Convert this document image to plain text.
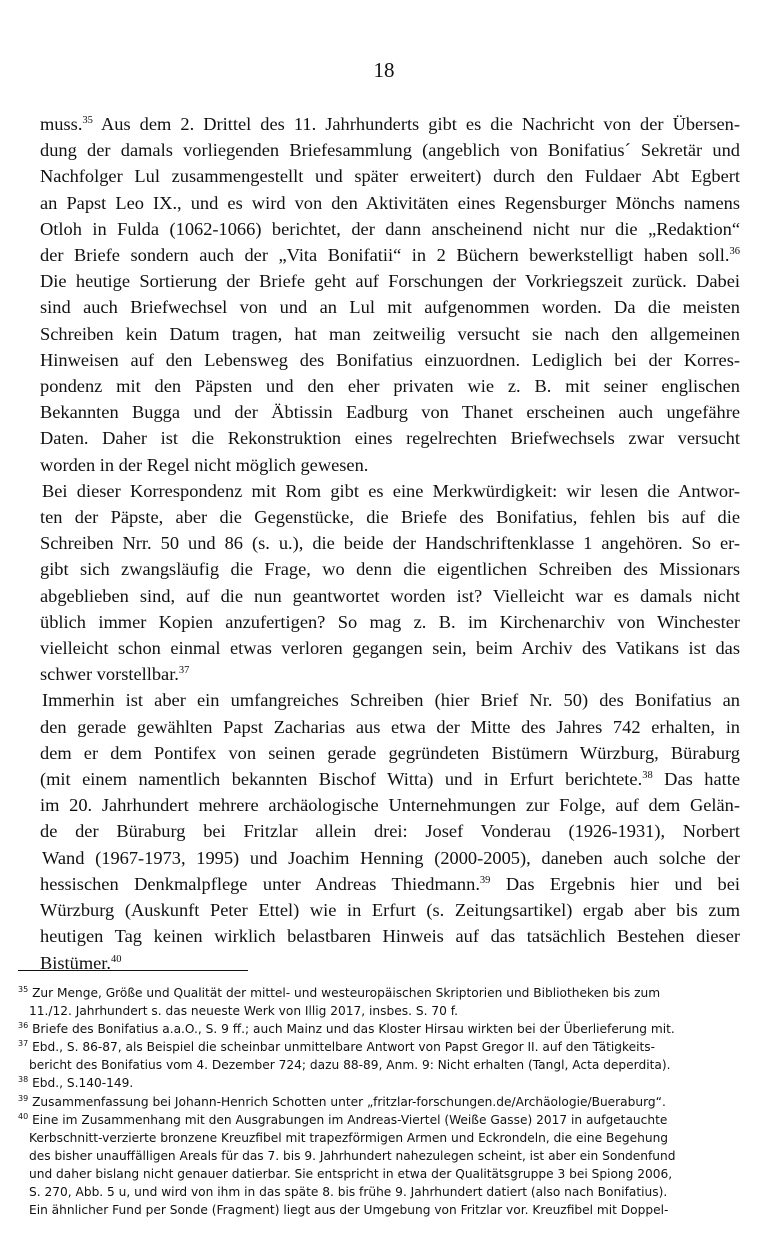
18
muss.$^{35}$ Aus dem 2. Drittel des 11. Jahrhunderts gibt es die Nachricht von der Übersen-
dung der damals vorliegenden Briefesammlung (angeblich von Bonifatius´ Sekretär und
Nachfolger Lul zusammengestellt und später erweitert) durch den Fuldaer Abt Egbert
an Papst Leo IX., und es wird von den Aktivitäten eines Regensburger Mönchs namens
Otloh in Fulda (1062-1066) berichtet, der dann anscheinend nicht nur die „Redaktion“
der Briefe sondern auch der „Vita Bonifatii“ in 2 Büchern bewerkstelligt haben soll.$^{36}$
Die heutige Sortierung der Briefe geht auf Forschungen der Vorkriegszeit zurück. Dabei
sind auch Briefwechsel von und an Lul mit aufgenommen worden. Da die meisten
Schreiben kein Datum tragen, hat man zeitweilig versucht sie nach den allgemeinen
Hinweisen auf den Lebensweg des Bonifatius einzuordnen. Lediglich bei der Korres-
pondenz mit den Päpsten und den eher privaten wie z. B. mit seiner englischen
Bekannten Bugga und der Äbtissin Eadburg von Thanet erscheinen auch ungefähre
Daten. Daher ist die Rekonstruktion eines regelrechten Briefwechsels zwar versucht
worden in der Regel nicht möglich gewesen.
Bei dieser Korrespondenz mit Rom gibt es eine Merkwürdigkeit: wir lesen die Antwor-
ten der Päpste, aber die Gegenstücke, die Briefe des Bonifatius, fehlen bis auf die
Schreiben Nrr. 50 und 86 (s. u.), die beide der Handschriftenklasse 1 angehören. So er-
gibt sich zwangsläufig die Frage, wo denn die eigentlichen Schreiben des Missionars
abgeblieben sind, auf die nun geantwortet worden ist? Vielleicht war es damals nicht
üblich immer Kopien anzufertigen? So mag z. B. im Kirchenarchiv von Winchester
vielleicht schon einmal etwas verloren gegangen sein, beim Archiv des Vatikans ist das
schwer vorstellbar.$^{37}$
Immerhin ist aber ein umfangreiches Schreiben (hier Brief Nr. 50) des Bonifatius an
den gerade gewählten Papst Zacharias aus etwa der Mitte des Jahres 742 erhalten, in
dem er dem Pontifex von seinen gerade gegründeten Bistümern Würzburg, Büraburg
(mit einem namentlich bekannten Bischof Witta) und in Erfurt berichtete.$^{38}$ Das hatte
im 20. Jahrhundert mehrere archäologische Unternehmungen zur Folge, auf dem Gelän-
de der Büraburg bei Fritzlar allein drei: Josef Vonderau (1926-1931), Norbert
Wand (1967-1973, 1995) und Joachim Henning (2000-2005), daneben auch solche der
hessischen Denkmalpflege unter Andreas Thiedmann.$^{39}$ Das Ergebnis hier und bei
Würzburg (Auskunft Peter Ettel) wie in Erfurt (s. Zeitungsartikel) ergab aber bis zum
heutigen Tag keinen wirklich belastbaren Hinweis auf das tatsächlich Bestehen dieser
Bistümer.$^{40}$
$^{35}$ Zur Menge, Größe und Qualität der mittel- und westeuropäischen Skriptorien und Bibliotheken bis zum
11./12. Jahrhundert s. das neueste Werk von Illig 2017, insbes. S. 70 f.
$^{36}$ Briefe des Bonifatius a.a.O., S. 9 ff.; auch Mainz und das Kloster Hirsau wirkten bei der Überlieferung mit.
$^{37}$ Ebd., S. 86-87, als Beispiel die scheinbar unmittelbare Antwort von Papst Gregor II. auf den Tätigkeits-
bericht des Bonifatius vom 4. Dezember 724; dazu 88-89, Anm. 9: Nicht erhalten (Tangl, Acta deperdita).
$^{38}$ Ebd., S.140-149.
$^{39}$ Zusammenfassung bei Johann-Henrich Schotten unter „fritzlar-forschungen.de/Archäologie/Bueraburg“.
$^{40}$ Eine im Zusammenhang mit den Ausgrabungen im Andreas-Viertel (Weiße Gasse) 2017 in aufgetauchte
Kerbschnitt-verzierte bronzene Kreuzfibel mit trapezförmigen Armen und Eckrondeln, die eine Begehung
des bisher unauffälligen Areals für das 7. bis 9. Jahrhundert nahezulegen scheint, ist aber ein Sondenfund
und daher bislang nicht genauer datierbar. Sie entspricht in etwa der Qualitätsgruppe 3 bei Spiong 2006,
S. 270, Abb. 5 u, und wird von ihm in das späte 8. bis frühe 9. Jahrhundert datiert (also nach Bonifatius).
Ein ähnlicher Fund per Sonde (Fragment) liegt aus der Umgebung von Fritzlar vor. Kreuzfibel mit Doppel-
